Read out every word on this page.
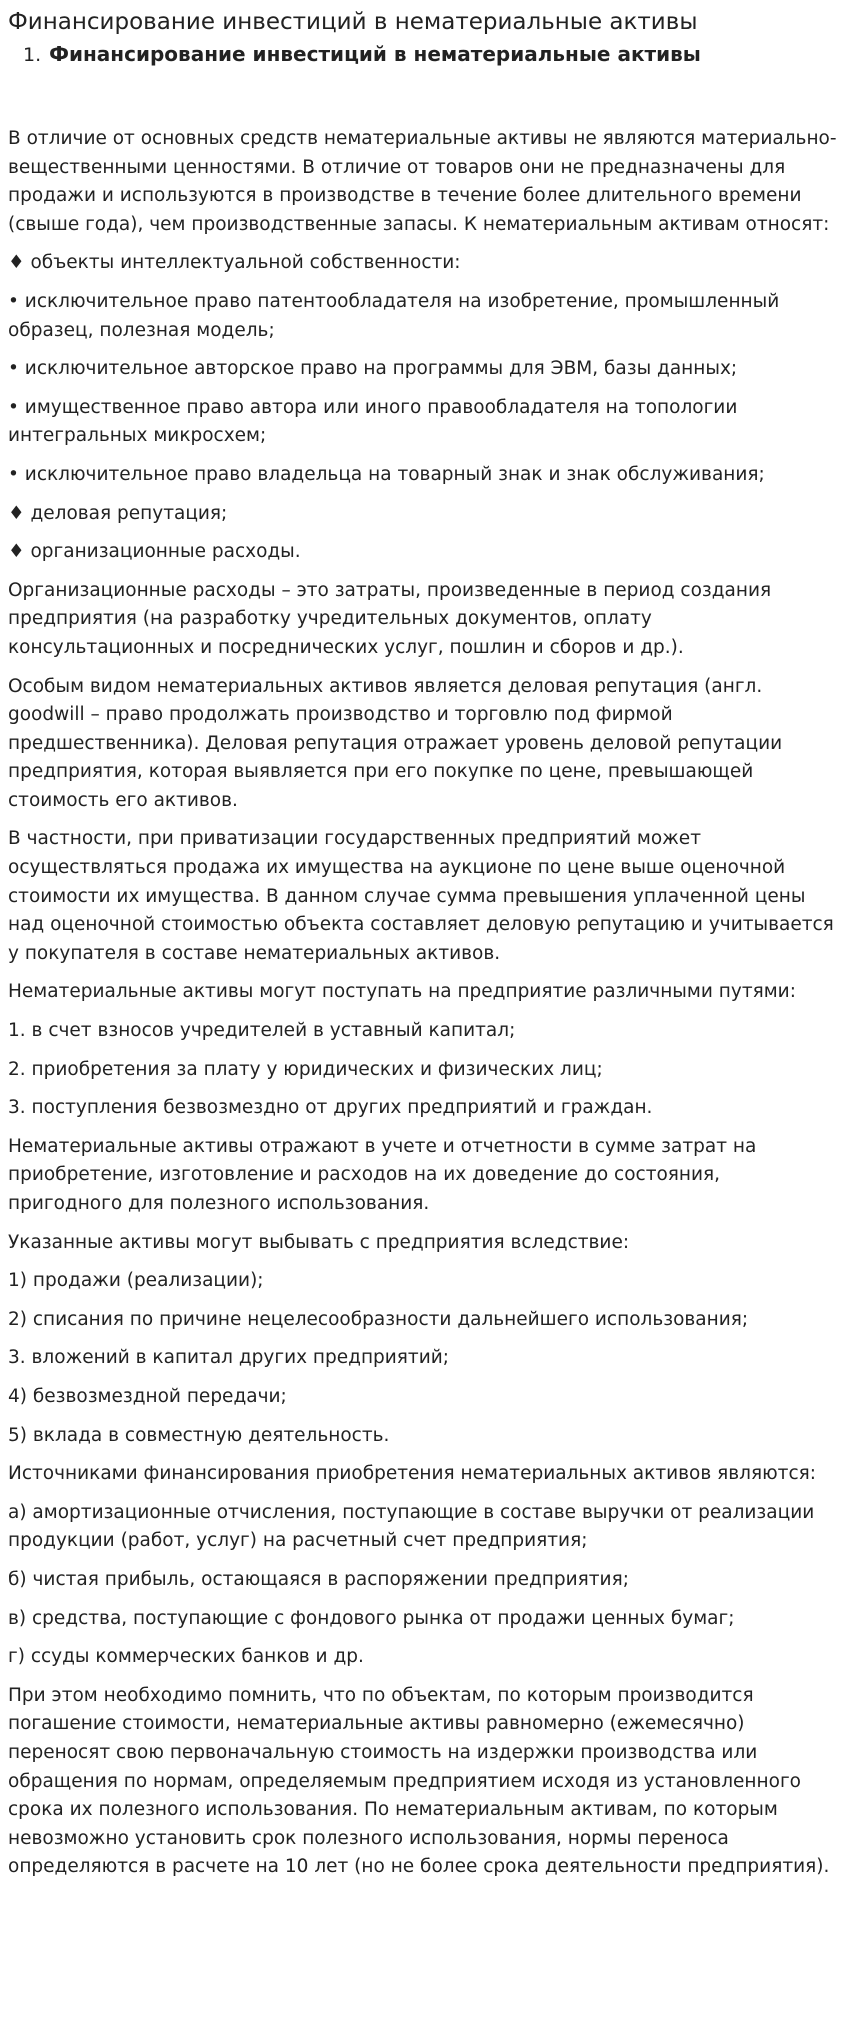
Финансирование инвестиций в нематериальные активы
1. Финансирование инвестиций в нематериальные активы

В отличие от основных средств нематериальные активы не являются материально-вещественными ценностями. В отличие от товаров они не предназначены для продажи и используются в производстве в течение более длительного времени (свыше года), чем производственные запасы. К нематериальным активам относят:

♦ объекты интеллектуальной собственности:

• исключительное право патентообладателя на изобретение, промышленный образец, полезная модель;

• исключительное авторское право на программы для ЭВМ, базы данных;

• имущественное право автора или иного правообладателя на топологии интегральных микросхем;

• исключительное право владельца на товарный знак и знак обслуживания;

♦ деловая репутация;

♦ организационные расходы.

Организационные расходы – это затраты, произведенные в период создания предприятия (на разработку учредительных документов, оплату консультационных и посреднических услуг, пошлин и сборов и др.).

Особым видом нематериальных активов является деловая репутация (англ. goodwill – право продолжать производство и торговлю под фирмой предшественника). Деловая репутация отражает уровень деловой репутации предприятия, которая выявляется при его покупке по цене, превышающей стоимость его активов.

В частности, при приватизации государственных предприятий может осуществляться продажа их имущества на аукционе по цене выше оценочной стоимости их имущества. В данном случае сумма превышения уплаченной цены над оценочной стоимостью объекта составляет деловую репутацию и учитывается у покупателя в составе нематериальных активов.

Нематериальные активы могут поступать на предприятие различными путями:

1. в счет взносов учредителей в уставный капитал;

2. приобретения за плату у юридических и физических лиц;

3. поступления безвозмездно от других предприятий и граждан.

Нематериальные активы отражают в учете и отчетности в сумме затрат на приобретение, изготовление и расходов на их доведение до состояния, пригодного для полезного использования.

Указанные активы могут выбывать с предприятия вследствие:

1) продажи (реализации);

2) списания по причине нецелесообразности дальнейшего использования;

3. вложений в капитал других предприятий;

4) безвозмездной передачи;

5) вклада в совместную деятельность.

Источниками финансирования приобретения нематериальных активов являются:

а) амортизационные отчисления, поступающие в составе выручки от реализации продукции (работ, услуг) на расчетный счет предприятия;

б) чистая прибыль, остающаяся в распоряжении предприятия;

в) средства, поступающие с фондового рынка от продажи ценных бумаг;

г) ссуды коммерческих банков и др.

При этом необходимо помнить, что по объектам, по которым производится погашение стоимости, нематериальные активы равномерно (ежемесячно) переносят свою первоначальную стоимость на издержки производства или обращения по нормам, определяемым предприятием исходя из установленного срока их полезного использования. По нематериальным активам, по которым невозможно установить срок полезного использования, нормы переноса определяются в расчете на 10 лет (но не более срока деятельности предприятия).
